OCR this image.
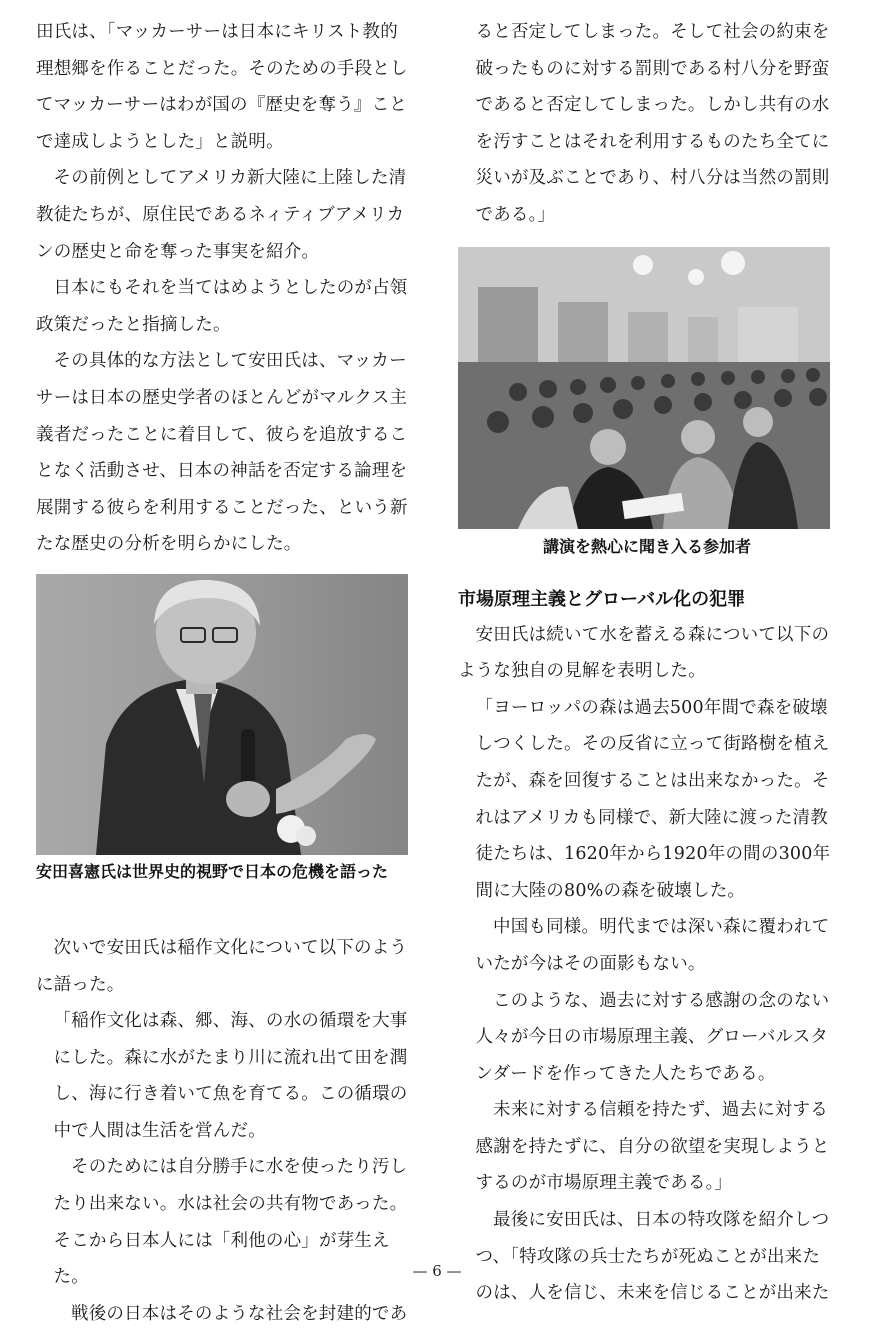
田氏は、「マッカーサーは日本にキリスト教的理想郷を作ることだった。そのための手段としてマッカーサーはわが国の『歴史を奪う』ことで達成しようとした」と説明。

その前例としてアメリカ新大陸に上陸した清教徒たちが、原住民であるネィティブアメリカンの歴史と命を奪った事実を紹介。

日本にもそれを当てはめようとしたのが占領政策だったと指摘した。

その具体的な方法として安田氏は、マッカーサーは日本の歴史学者のほとんどがマルクス主義者だったことに着目して、彼らを追放することなく活動させ、日本の神話を否定する論理を展開する彼らを利用することだった、という新たな歴史の分析を明らかにした。

安田喜憲氏は世界史的視野で日本の危機を語った

次いで安田氏は稲作文化について以下のように語った。

「稲作文化は森、郷、海、の水の循環を大事にした。森に水がたまり川に流れ出て田を潤し、海に行き着いて魚を育てる。この循環の中で人間は生活を営んだ。

そのためには自分勝手に水を使ったり汚したり出来ない。水は社会の共有物であった。そこから日本人には「利他の心」が芽生えた。

戦後の日本はそのような社会を封建的であ

ると否定してしまった。そして社会の約束を破ったものに対する罰則である村八分を野蛮であると否定してしまった。しかし共有の水を汚すことはそれを利用するものたち全てに災いが及ぶことであり、村八分は当然の罰則である。」

講演を熱心に聞き入る参加者
市場原理主義とグローバル化の犯罪

安田氏は続いて水を蓄える森について以下のような独自の見解を表明した。

「ヨーロッパの森は過去500年間で森を破壊しつくした。その反省に立って街路樹を植えたが、森を回復することは出来なかった。それはアメリカも同様で、新大陸に渡った清教徒たちは、1620年から1920年の間の300年間に大陸の80%の森を破壊した。

中国も同様。明代までは深い森に覆われていたが今はその面影もない。

このような、過去に対する感謝の念のない人々が今日の市場原理主義、グローバルスタンダードを作ってきた人たちである。

未来に対する信頼を持たず、過去に対する感謝を持たずに、自分の欲望を実現しようとするのが市場原理主義である。」

最後に安田氏は、日本の特攻隊を紹介しつつ、「特攻隊の兵士たちが死ぬことが出来たのは、人を信じ、未来を信じることが出来た

— 6 —
